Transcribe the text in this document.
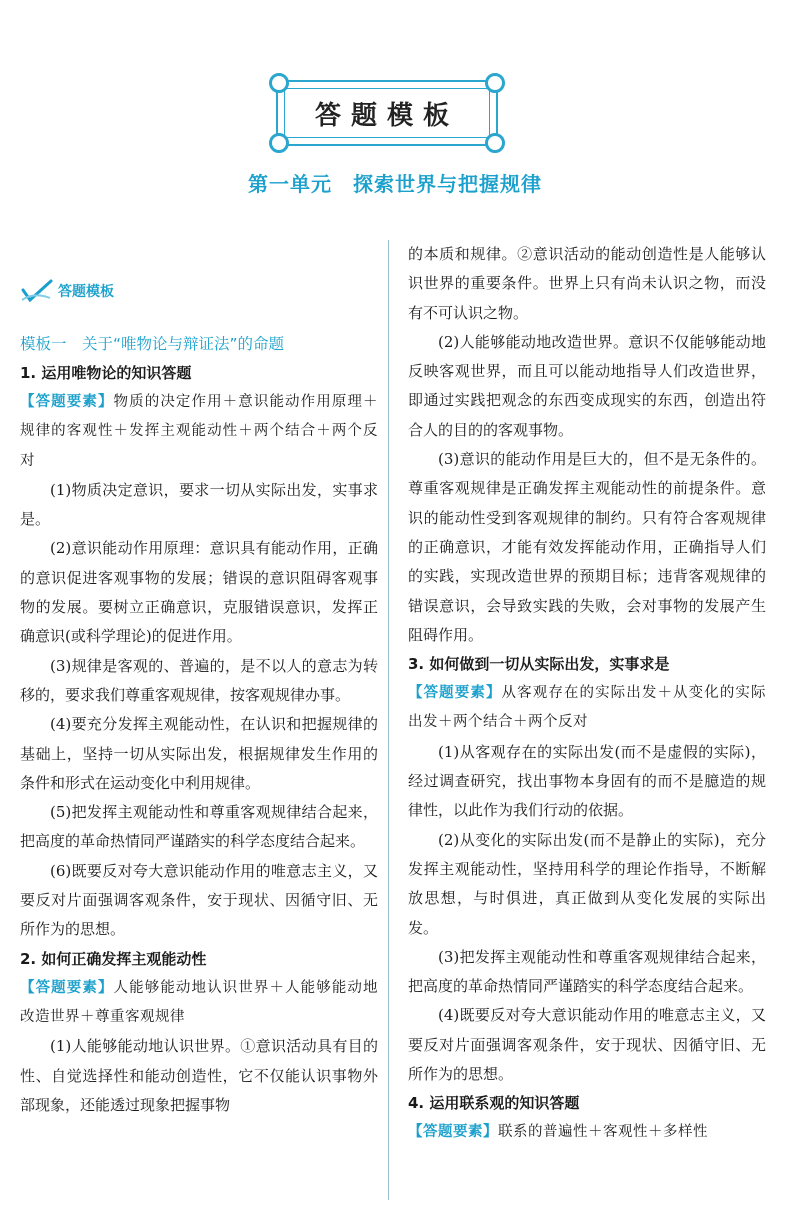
答题模板
第一单元　探索世界与把握规律
答题模板

模板一　关于“唯物论与辩证法”的命题

1. 运用唯物论的知识答题

【答题要素】物质的决定作用＋意识能动作用原理＋规律的客观性＋发挥主观能动性＋两个结合＋两个反对

(1)物质决定意识，要求一切从实际出发，实事求是。

(2)意识能动作用原理：意识具有能动作用，正确的意识促进客观事物的发展；错误的意识阻碍客观事物的发展。要树立正确意识，克服错误意识，发挥正确意识(或科学理论)的促进作用。

(3)规律是客观的、普遍的，是不以人的意志为转移的，要求我们尊重客观规律，按客观规律办事。

(4)要充分发挥主观能动性，在认识和把握规律的基础上，坚持一切从实际出发，根据规律发生作用的条件和形式在运动变化中利用规律。

(5)把发挥主观能动性和尊重客观规律结合起来，把高度的革命热情同严谨踏实的科学态度结合起来。

(6)既要反对夸大意识能动作用的唯意志主义，又要反对片面强调客观条件，安于现状、因循守旧、无所作为的思想。

2. 如何正确发挥主观能动性

【答题要素】人能够能动地认识世界＋人能够能动地改造世界＋尊重客观规律

(1)人能够能动地认识世界。①意识活动具有目的性、自觉选择性和能动创造性，它不仅能认识事物外部现象，还能透过现象把握事物

的本质和规律。②意识活动的能动创造性是人能够认识世界的重要条件。世界上只有尚未认识之物，而没有不可认识之物。

(2)人能够能动地改造世界。意识不仅能够能动地反映客观世界，而且可以能动地指导人们改造世界，即通过实践把观念的东西变成现实的东西，创造出符合人的目的的客观事物。

(3)意识的能动作用是巨大的，但不是无条件的。尊重客观规律是正确发挥主观能动性的前提条件。意识的能动性受到客观规律的制约。只有符合客观规律的正确意识，才能有效发挥能动作用，正确指导人们的实践，实现改造世界的预期目标；违背客观规律的错误意识，会导致实践的失败，会对事物的发展产生阻碍作用。

3. 如何做到一切从实际出发，实事求是

【答题要素】从客观存在的实际出发＋从变化的实际出发＋两个结合＋两个反对

(1)从客观存在的实际出发(而不是虚假的实际)，经过调查研究，找出事物本身固有的而不是臆造的规律性，以此作为我们行动的依据。

(2)从变化的实际出发(而不是静止的实际)，充分发挥主观能动性，坚持用科学的理论作指导，不断解放思想，与时俱进，真正做到从变化发展的实际出发。

(3)把发挥主观能动性和尊重客观规律结合起来，把高度的革命热情同严谨踏实的科学态度结合起来。

(4)既要反对夸大意识能动作用的唯意志主义，又要反对片面强调客观条件，安于现状、因循守旧、无所作为的思想。

4. 运用联系观的知识答题

【答题要素】联系的普遍性＋客观性＋多样性
